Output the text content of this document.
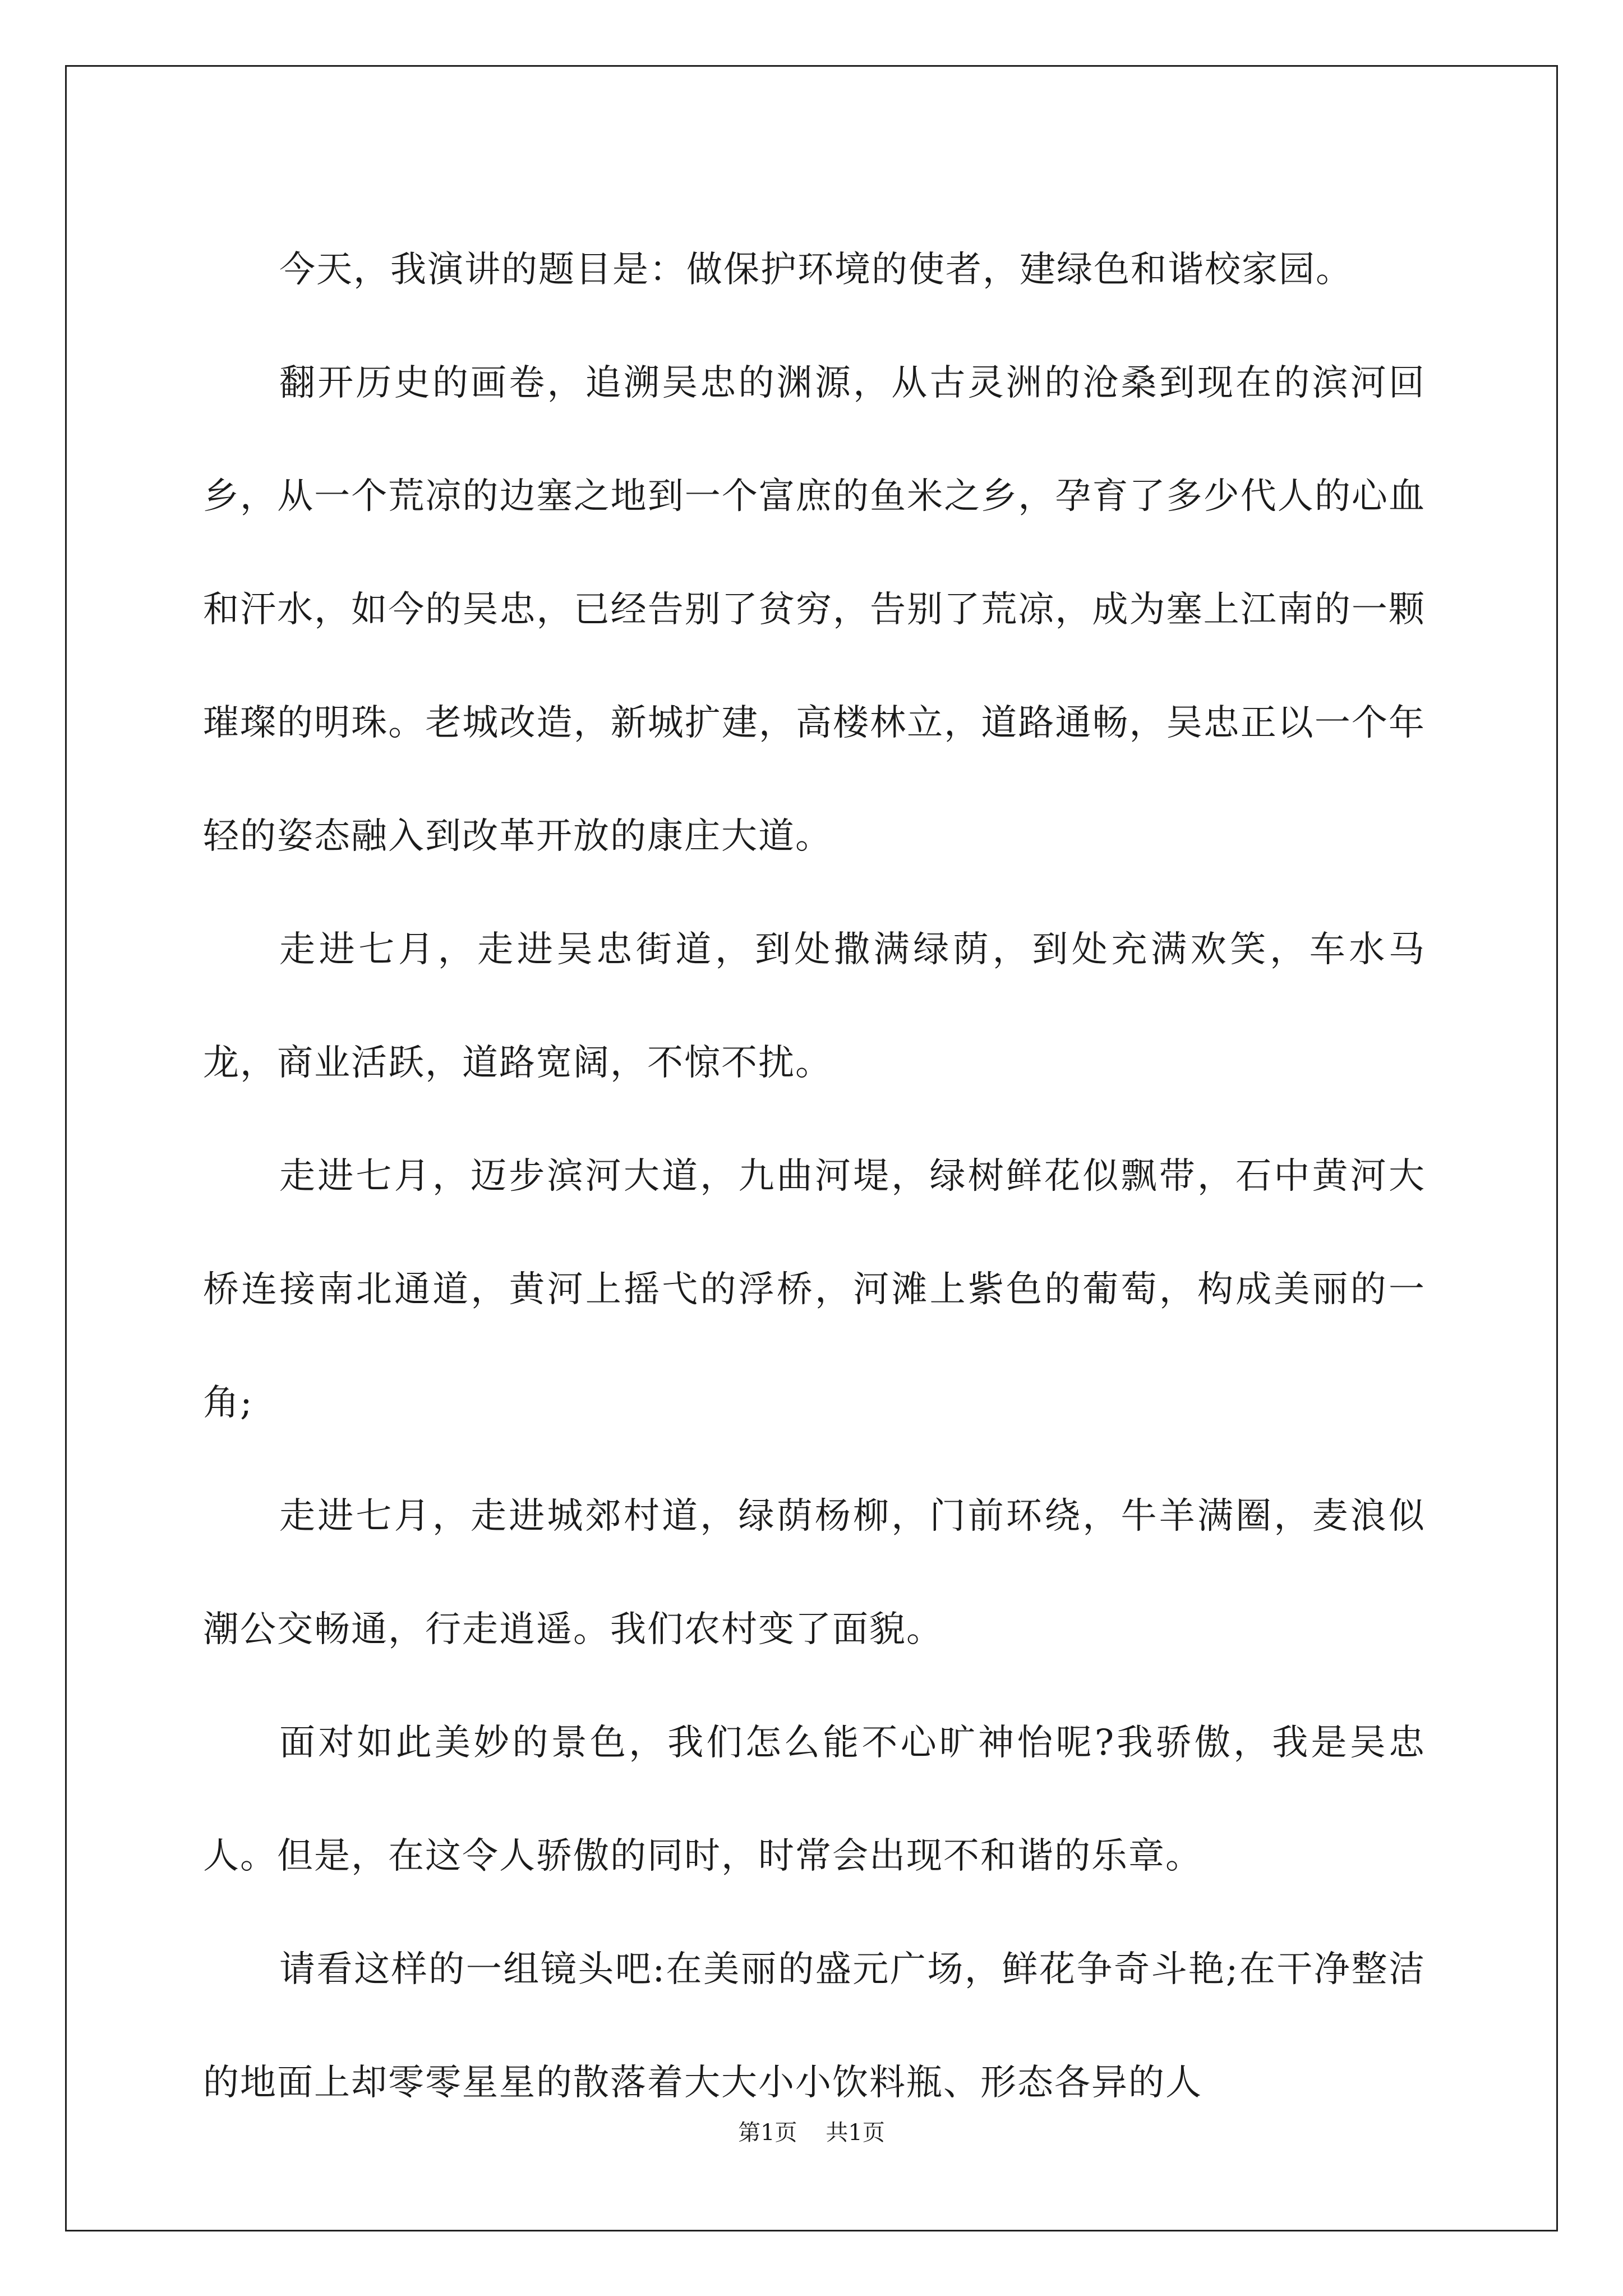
今天，我演讲的题目是：做保护环境的使者，建绿色和谐校家园。

翻开历史的画卷，追溯吴忠的渊源，从古灵洲的沧桑到现在的滨河回乡，从一个荒凉的边塞之地到一个富庶的鱼米之乡，孕育了多少代人的心血和汗水，如今的吴忠，已经告别了贫穷，告别了荒凉，成为塞上江南的一颗璀璨的明珠。老城改造，新城扩建，高楼林立，道路通畅，吴忠正以一个年轻的姿态融入到改革开放的康庄大道。

走进七月，走进吴忠街道，到处撒满绿荫，到处充满欢笑，车水马龙，商业活跃，道路宽阔，不惊不扰。

走进七月，迈步滨河大道，九曲河堤，绿树鲜花似飘带，石中黄河大桥连接南北通道，黄河上摇弋的浮桥，河滩上紫色的葡萄，构成美丽的一角;

走进七月，走进城郊村道，绿荫杨柳，门前环绕，牛羊满圈，麦浪似潮公交畅通，行走逍遥。我们农村变了面貌。

面对如此美妙的景色，我们怎么能不心旷神怡呢?我骄傲，我是吴忠人。但是，在这令人骄傲的同时，时常会出现不和谐的乐章。

请看这样的一组镜头吧:在美丽的盛元广场，鲜花争奇斗艳;在干净整洁的地面上却零零星星的散落着大大小小饮料瓶、形态各异的人

第1页 共1页
